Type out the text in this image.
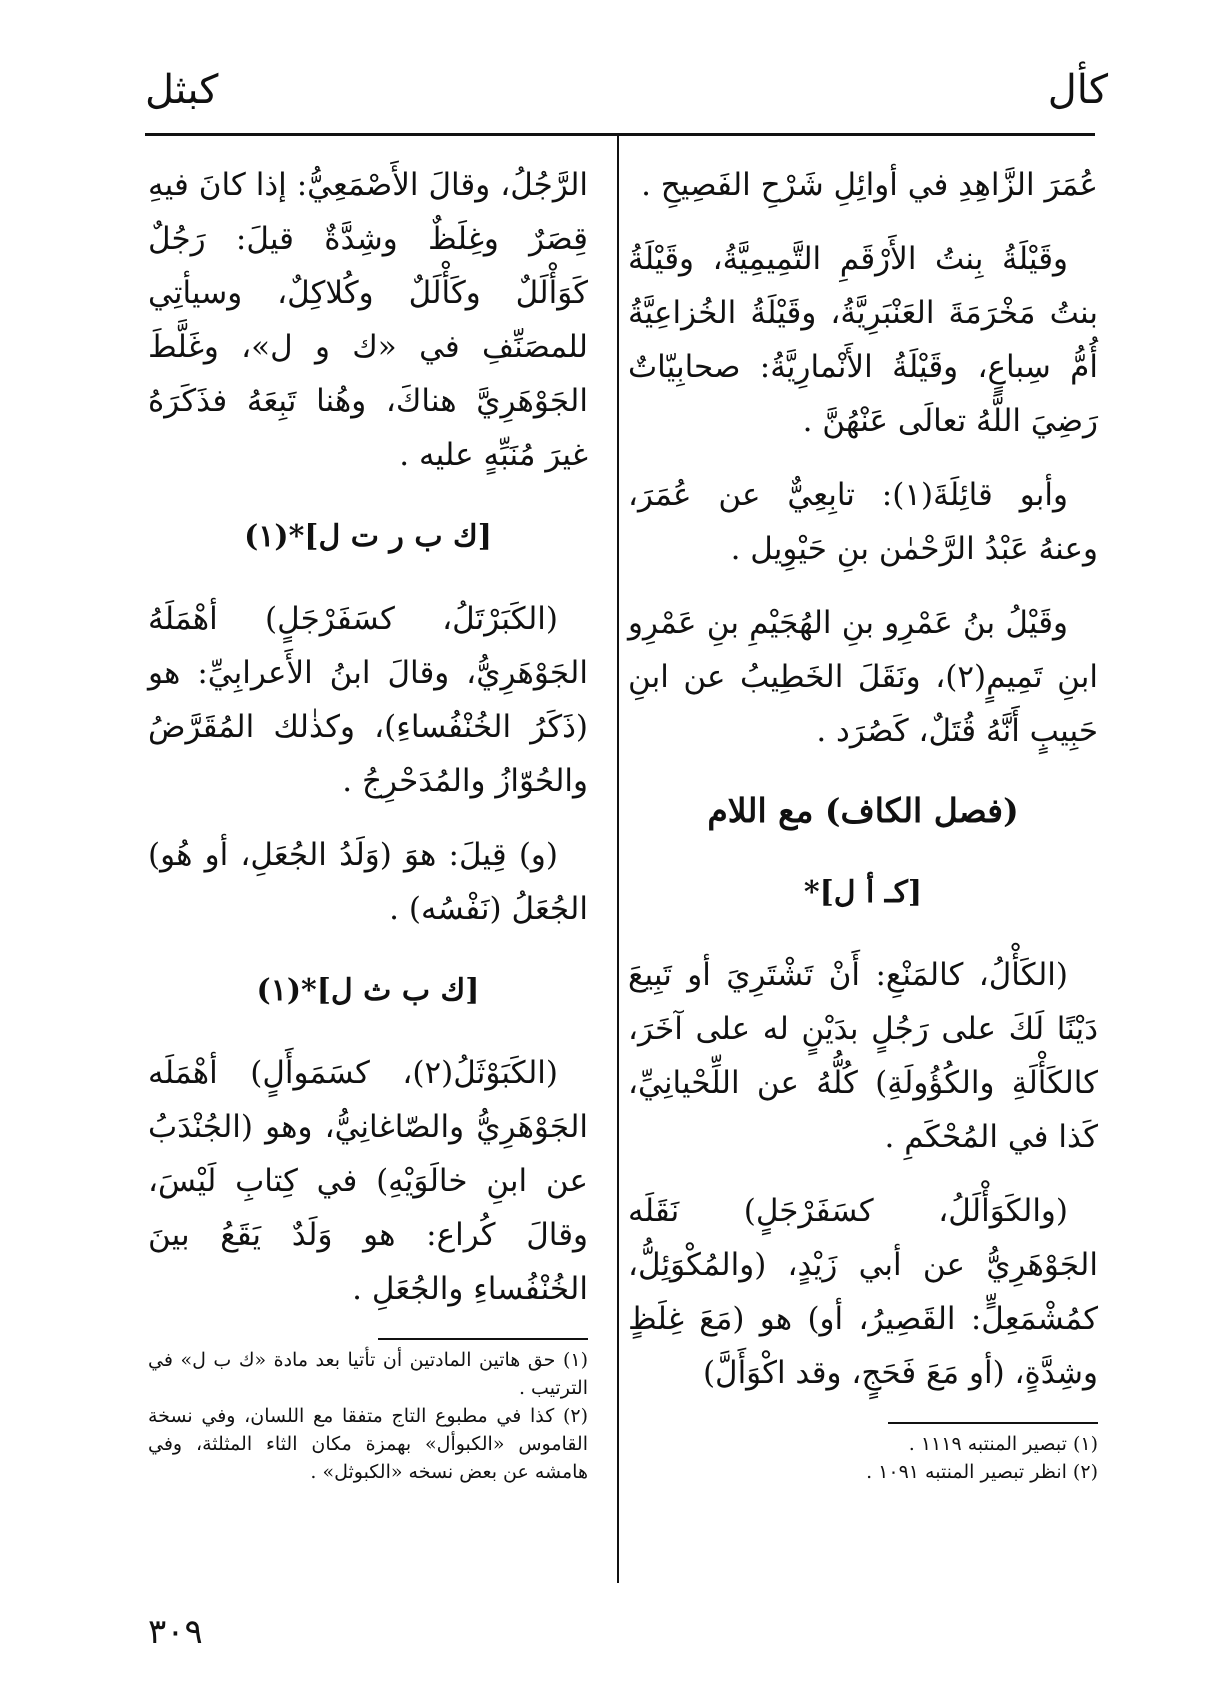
كأل
كبثل

عُمَرَ الزَّاهِدِ في أوائِلِ شَرْحِ الفَصِيحِ .

وقَيْلَةُ بِنتُ الأَرْقَمِ التَّمِيمِيَّةُ، وقَيْلَةُ بنتُ مَخْرَمَةَ العَنْبَرِيَّةُ، وقَيْلَةُ الخُزاعِيَّةُ أُمُّ سِباعٍ، وقَيْلَةُ الأَنْمارِيَّةُ: صحابِيّاتٌ رَضِيَ اللَّهُ تعالَى عَنْهُنَّ .

وأبو قائِلَةَ(١): تابِعِيٌّ عن عُمَرَ، وعنهُ عَبْدُ الرَّحْمٰن بنِ حَيْوِيل .

وقَيْلُ بنُ عَمْرِو بنِ الهُجَيْمِ بنِ عَمْرِو ابنِ تَمِيمٍ(٢)، ونَقَلَ الخَطِيبُ عن ابنِ حَبِيبٍ أَنَّهُ قُتَلٌ، كَصُرَد .

(فصل الكاف) مع اللام
[كـ أ ل]*

(الكَأْلُ، كالمَنْعِ: أَنْ تَشْتَرِيَ أو تَبِيعَ دَيْنًا لَكَ على رَجُلٍ بدَيْنٍ له على آخَرَ، كالكَأْلَةِ والكُؤُولَةِ) كُلُّهُ عن اللِّحْيانِيِّ، كَذا في المُحْكَمِ .

(والكَوَأْلَلُ، كسَفَرْجَلٍ) نَقَلَه الجَوْهَرِيُّ عن أبي زَيْدٍ، (والمُكْوَئِلُّ، كمُشْمَعِلٍّ: القَصِيرُ، أو) هو (مَعَ غِلَظٍ وشِدَّةٍ، (أو مَعَ فَحَجٍ، وقد اكْوَأَلَّ)

(١) تبصير المنتبه ١١١٩ .

(٢) انظر تبصير المنتبه ١٠٩١ .

الرَّجُلُ، وقالَ الأَصْمَعِيُّ: إذا كانَ فيهِ قِصَرٌ وغِلَظٌ وشِدَّةٌ قيلَ: رَجُلٌ كَوَأْلَلٌ وكَأْلَلٌ وكُلاكِلٌ، وسيأتِي للمصَنِّفِ في «ك و ل»، وغَلَّطَ الجَوْهَرِيَّ هناكَ، وهُنا تَبِعَهُ فذَكَرَهُ غيرَ مُنَبِّهٍ عليه .

[ك ب ر ت ل]*(١)

(الكَبَرْتَلُ، كسَفَرْجَلٍ) أهْمَلَهُ الجَوْهَرِيُّ، وقالَ ابنُ الأَعرابِيِّ: هو (ذَكَرُ الخُنْفُساءِ)، وكذٰلك المُقَرَّضُ والحُوّازُ والمُدَحْرِجُ .

(و) قِيلَ: هوَ (وَلَدُ الجُعَلِ، أو هُو) الجُعَلُ (نَفْسُه) .

[ك ب ث ل]*(١)

(الكَبَوْثَلُ(٢)، كسَمَوأَلٍ) أهْمَلَه الجَوْهَرِيُّ والصّاغانِيُّ، وهو (الجُنْدَبُ عن ابنِ خالَوَيْهِ) في كِتابِ لَيْسَ، وقالَ كُراع: هو وَلَدٌ يَقَعُ بينَ الخُنْفُساءِ والجُعَلِ .

(١) حق هاتين المادتين أن تأتيا بعد مادة «ك ب ل» في الترتيب .

(٢) كذا في مطبوع التاج متفقا مع اللسان، وفي نسخة القاموس «الكبوأل» بهمزة مكان الثاء المثلثة، وفي هامشه عن بعض نسخه «الكبوثل» .

٣٠٩
